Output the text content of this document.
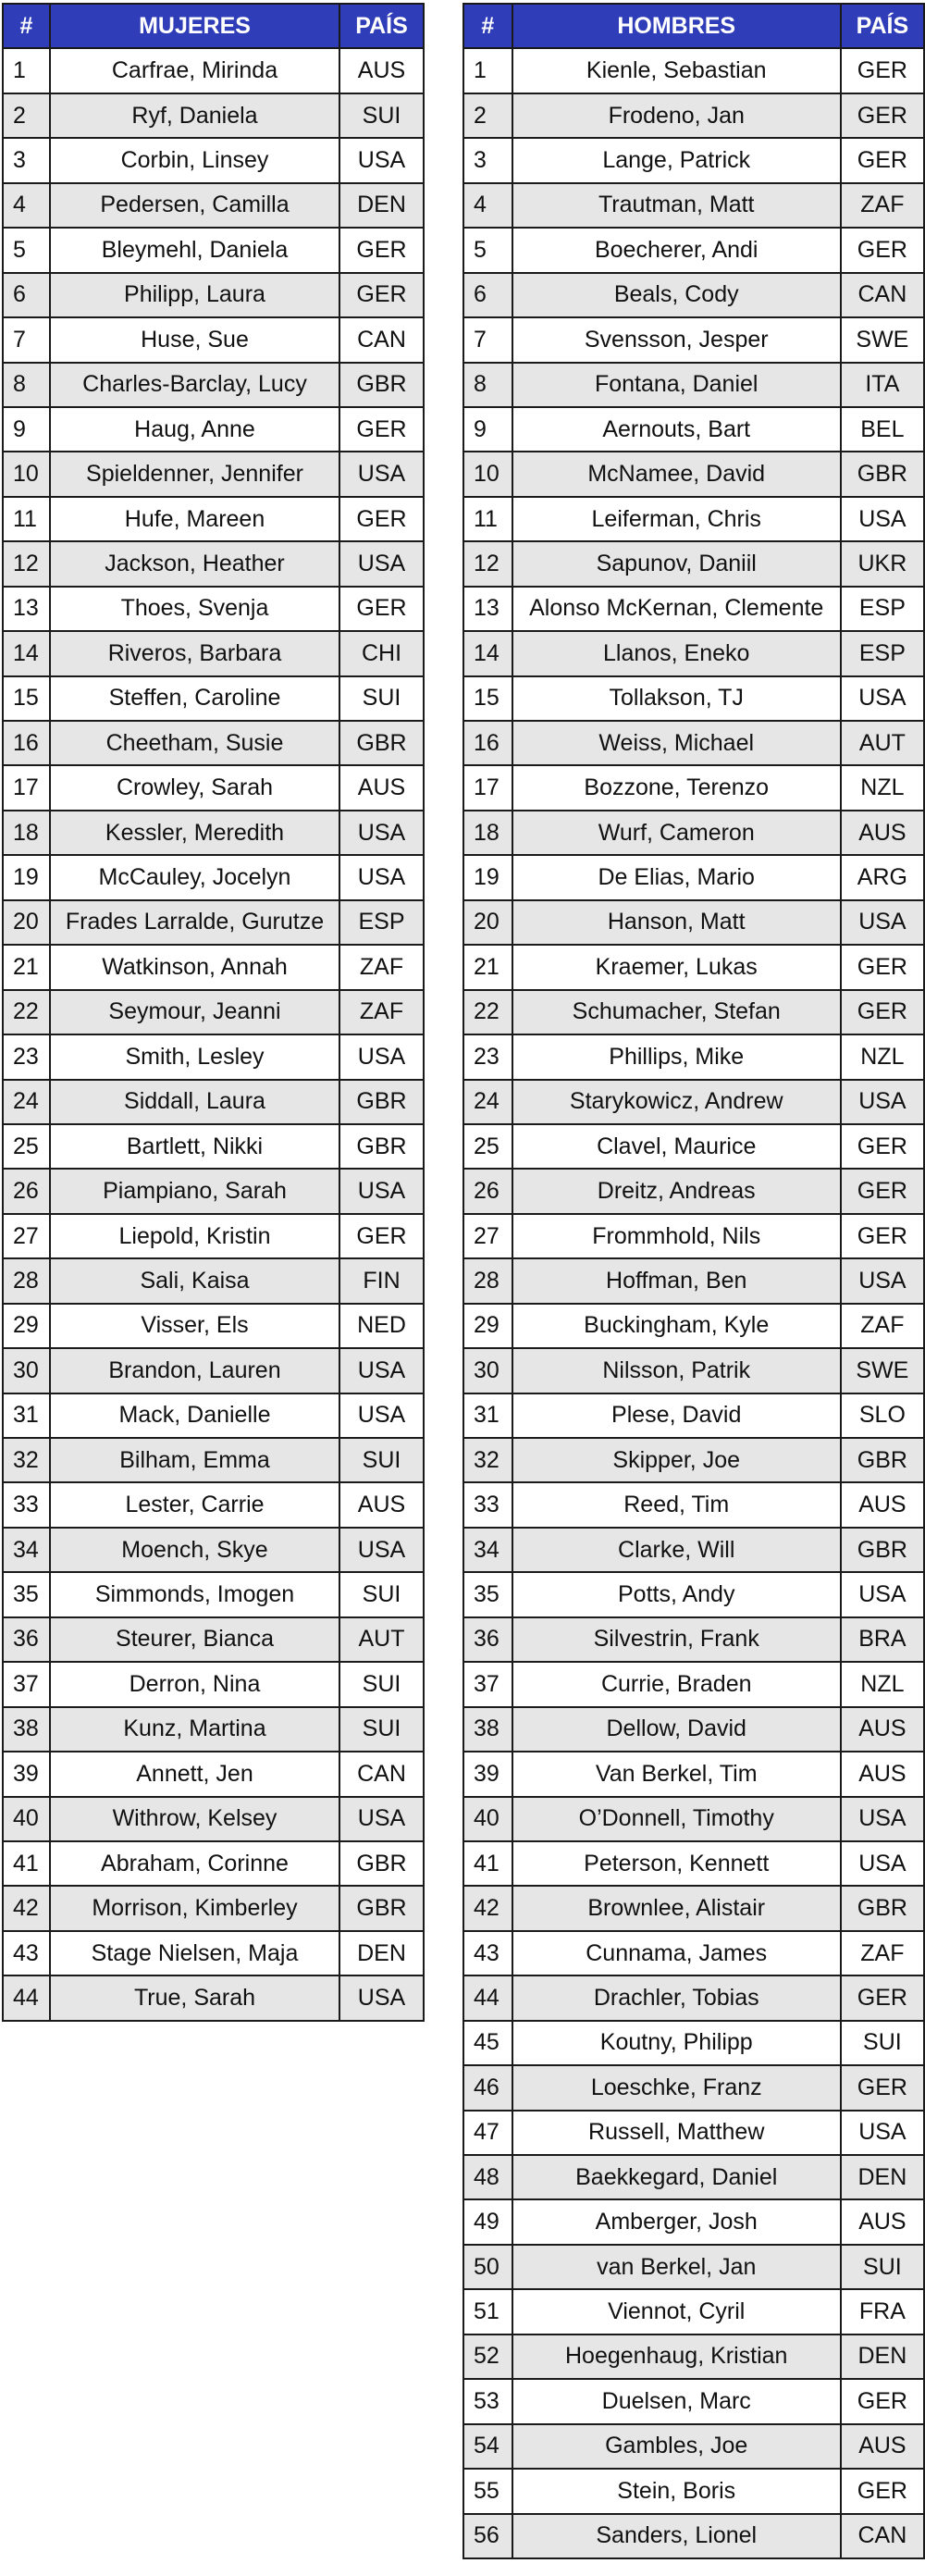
#	MUJERES	PAÍS
1	Carfrae, Mirinda	AUS
2	Ryf, Daniela	SUI
3	Corbin, Linsey	USA
4	Pedersen, Camilla	DEN
5	Bleymehl, Daniela	GER
6	Philipp, Laura	GER
7	Huse, Sue	CAN
8	Charles-Barclay, Lucy	GBR
9	Haug, Anne	GER
10	Spieldenner, Jennifer	USA
11	Hufe, Mareen	GER
12	Jackson, Heather	USA
13	Thoes, Svenja	GER
14	Riveros, Barbara	CHI
15	Steffen, Caroline	SUI
16	Cheetham, Susie	GBR
17	Crowley, Sarah	AUS
18	Kessler, Meredith	USA
19	McCauley, Jocelyn	USA
20	Frades Larralde, Gurutze	ESP
21	Watkinson, Annah	ZAF
22	Seymour, Jeanni	ZAF
23	Smith, Lesley	USA
24	Siddall, Laura	GBR
25	Bartlett, Nikki	GBR
26	Piampiano, Sarah	USA
27	Liepold, Kristin	GER
28	Sali, Kaisa	FIN
29	Visser, Els	NED
30	Brandon, Lauren	USA
31	Mack, Danielle	USA
32	Bilham, Emma	SUI
33	Lester, Carrie	AUS
34	Moench, Skye	USA
35	Simmonds, Imogen	SUI
36	Steurer, Bianca	AUT
37	Derron, Nina	SUI
38	Kunz, Martina	SUI
39	Annett, Jen	CAN
40	Withrow, Kelsey	USA
41	Abraham, Corinne	GBR
42	Morrison, Kimberley	GBR
43	Stage Nielsen, Maja	DEN
44	True, Sarah	USA
#	HOMBRES	PAÍS
1	Kienle, Sebastian	GER
2	Frodeno, Jan	GER
3	Lange, Patrick	GER
4	Trautman, Matt	ZAF
5	Boecherer, Andi	GER
6	Beals, Cody	CAN
7	Svensson, Jesper	SWE
8	Fontana, Daniel	ITA
9	Aernouts, Bart	BEL
10	McNamee, David	GBR
11	Leiferman, Chris	USA
12	Sapunov, Daniil	UKR
13	Alonso McKernan, Clemente	ESP
14	Llanos, Eneko	ESP
15	Tollakson, TJ	USA
16	Weiss, Michael	AUT
17	Bozzone, Terenzo	NZL
18	Wurf, Cameron	AUS
19	De Elias, Mario	ARG
20	Hanson, Matt	USA
21	Kraemer, Lukas	GER
22	Schumacher, Stefan	GER
23	Phillips, Mike	NZL
24	Starykowicz, Andrew	USA
25	Clavel, Maurice	GER
26	Dreitz, Andreas	GER
27	Frommhold, Nils	GER
28	Hoffman, Ben	USA
29	Buckingham, Kyle	ZAF
30	Nilsson, Patrik	SWE
31	Plese, David	SLO
32	Skipper, Joe	GBR
33	Reed, Tim	AUS
34	Clarke, Will	GBR
35	Potts, Andy	USA
36	Silvestrin, Frank	BRA
37	Currie, Braden	NZL
38	Dellow, David	AUS
39	Van Berkel, Tim	AUS
40	O’Donnell, Timothy	USA
41	Peterson, Kennett	USA
42	Brownlee, Alistair	GBR
43	Cunnama, James	ZAF
44	Drachler, Tobias	GER
45	Koutny, Philipp	SUI
46	Loeschke, Franz	GER
47	Russell, Matthew	USA
48	Baekkegard, Daniel	DEN
49	Amberger, Josh	AUS
50	van Berkel, Jan	SUI
51	Viennot, Cyril	FRA
52	Hoegenhaug, Kristian	DEN
53	Duelsen, Marc	GER
54	Gambles, Joe	AUS
55	Stein, Boris	GER
56	Sanders, Lionel	CAN
